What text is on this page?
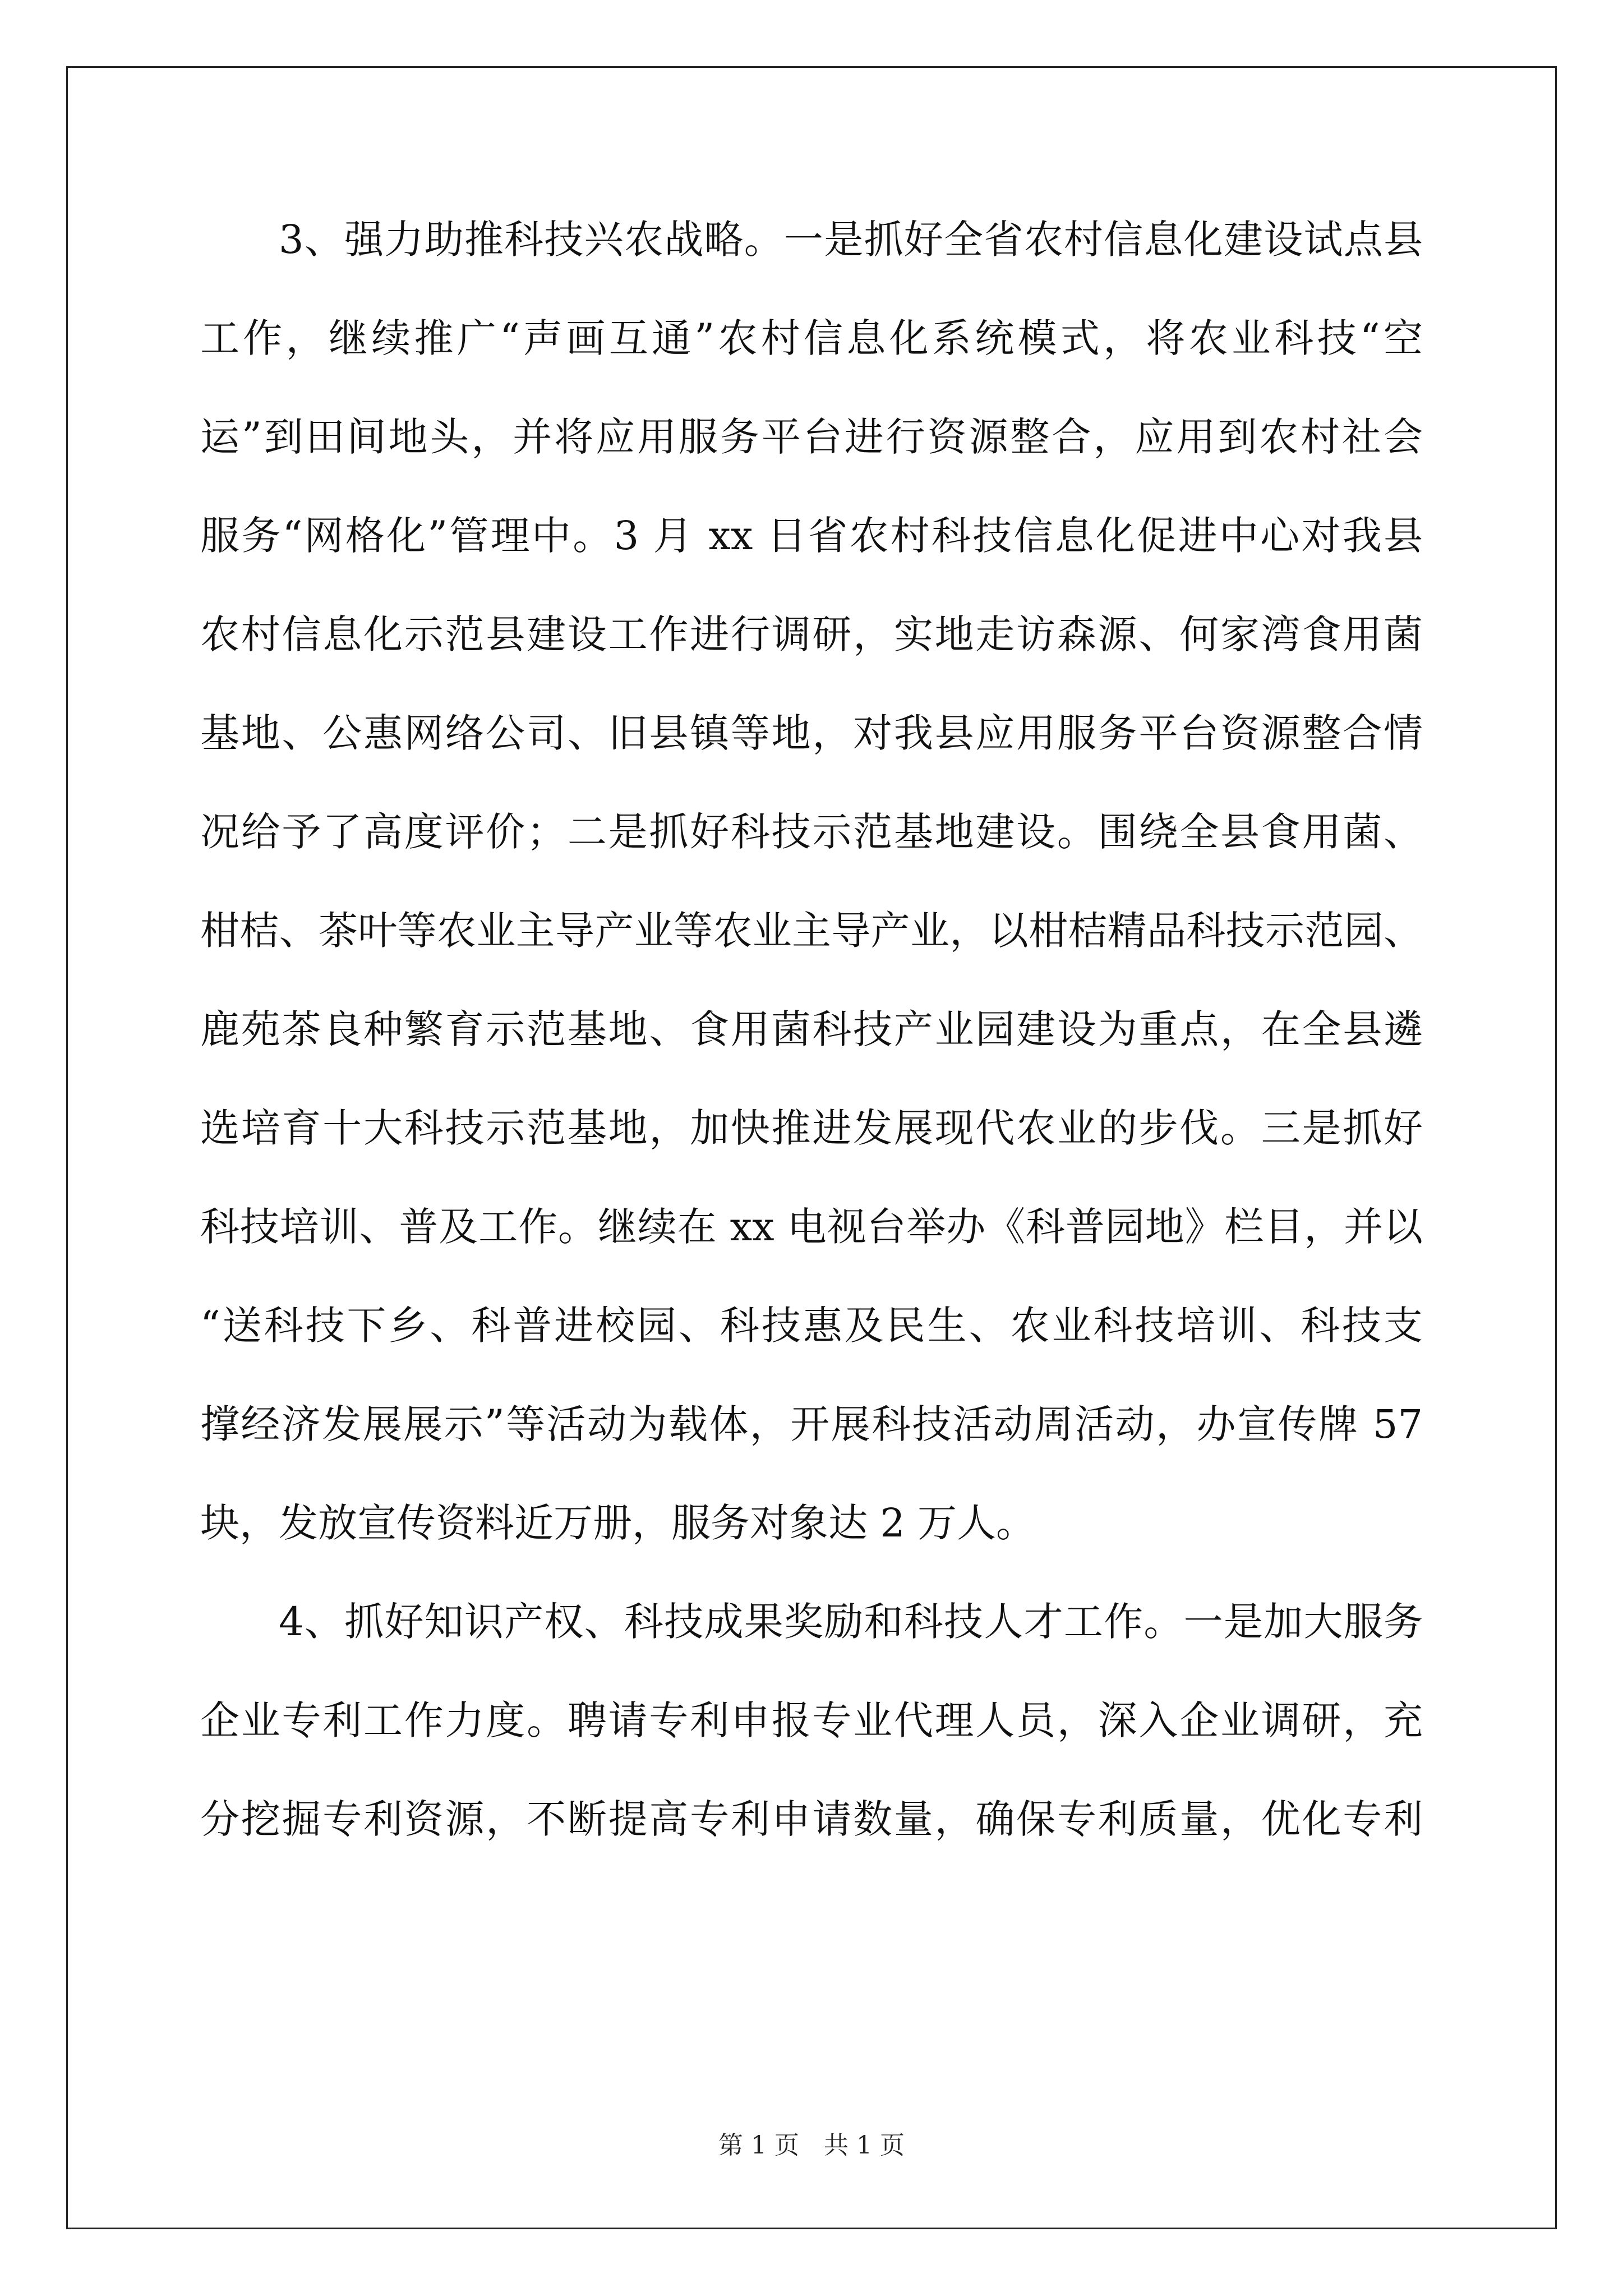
3、强力助推科技兴农战略。一是抓好全省农村信息化建设试点县
工作，继续推广“声画互通”农村信息化系统模式，将农业科技“空
运”到田间地头，并将应用服务平台进行资源整合，应用到农村社会
服务“网格化”管理中。3 月 xx 日省农村科技信息化促进中心对我县
农村信息化示范县建设工作进行调研，实地走访森源、何家湾食用菌
基地、公惠网络公司、旧县镇等地，对我县应用服务平台资源整合情
况给予了高度评价；二是抓好科技示范基地建设。围绕全县食用菌、
柑桔、茶叶等农业主导产业等农业主导产业，以柑桔精品科技示范园、
鹿苑茶良种繁育示范基地、食用菌科技产业园建设为重点，在全县遴
选培育十大科技示范基地，加快推进发展现代农业的步伐。三是抓好
科技培训、普及工作。继续在 xx 电视台举办《科普园地》栏目，并以
“送科技下乡、科普进校园、科技惠及民生、农业科技培训、科技支
撑经济发展展示”等活动为载体，开展科技活动周活动，办宣传牌 57
块，发放宣传资料近万册，服务对象达 2 万人。
4、抓好知识产权、科技成果奖励和科技人才工作。一是加大服务
企业专利工作力度。聘请专利申报专业代理人员，深入企业调研，充
分挖掘专利资源，不断提高专利申请数量，确保专利质量，优化专利
第 1 页　共 1 页
